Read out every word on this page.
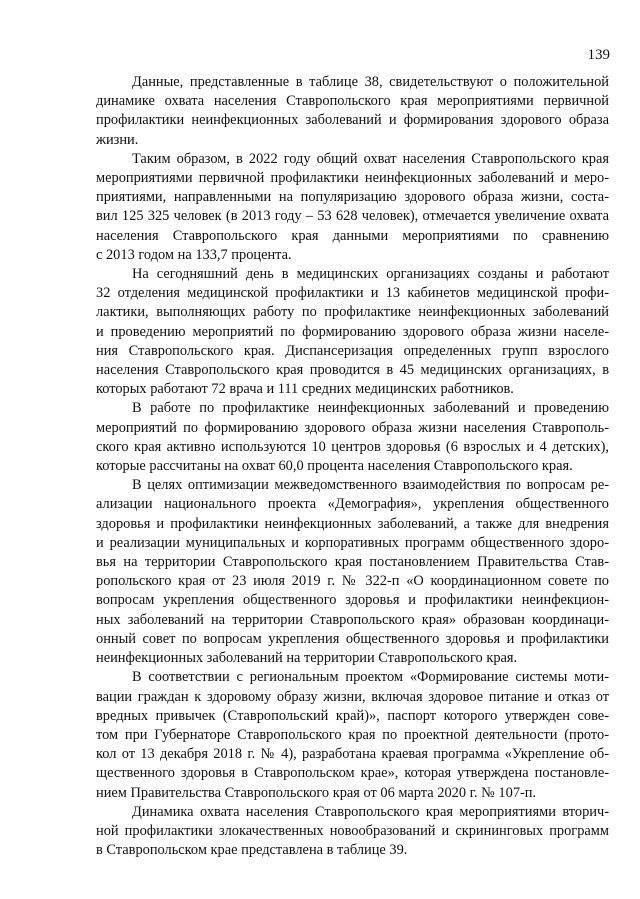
139

Данные, представленные в таблице 38, свидетельствуют о положительной
динамике охвата населения Ставропольского края мероприятиями первичной
профилактики неинфекционных заболеваний и формирования здорового образа
жизни.

Таким образом, в 2022 году общий охват населения Ставропольского края
мероприятиями первичной профилактики неинфекционных заболеваний и меро-
приятиями, направленными на популяризацию здорового образа жизни, соста-
вил 125 325 человек (в 2013 году – 53 628 человек), отмечается увеличение охвата
населения Ставропольского края данными мероприятиями по сравнению
с 2013 годом на 133,7 процента.

На сегодняшний день в медицинских организациях созданы и работают
32 отделения медицинской профилактики и 13 кабинетов медицинской профи-
лактики, выполняющих работу по профилактике неинфекционных заболеваний
и проведению мероприятий по формированию здорового образа жизни населе-
ния Ставропольского края. Диспансеризация определенных групп взрослого
населения Ставропольского края проводится в 45 медицинских организациях, в
которых работают 72 врача и 111 средних медицинских работников.

В работе по профилактике неинфекционных заболеваний и проведению
мероприятий по формированию здорового образа жизни населения Ставрополь-
ского края активно используются 10 центров здоровья (6 взрослых и 4 детских),
которые рассчитаны на охват 60,0 процента населения Ставропольского края.

В целях оптимизации межведомственного взаимодействия по вопросам ре-
ализации национального проекта «Демография», укрепления общественного
здоровья и профилактики неинфекционных заболеваний, а также для внедрения
и реализации муниципальных и корпоративных программ общественного здоро-
вья на территории Ставропольского края постановлением Правительства Став-
ропольского края от 23 июля 2019 г. № 322-п «О координационном совете по
вопросам укрепления общественного здоровья и профилактики неинфекцион-
ных заболеваний на территории Ставропольского края» образован координаци-
онный совет по вопросам укрепления общественного здоровья и профилактики
неинфекционных заболеваний на территории Ставропольского края.

В соответствии с региональным проектом «Формирование системы моти-
вации граждан к здоровому образу жизни, включая здоровое питание и отказ от
вредных привычек (Ставропольский край)», паспорт которого утвержден сове-
том при Губернаторе Ставропольского края по проектной деятельности (прото-
кол от 13 декабря 2018 г. № 4), разработана краевая программа «Укрепление об-
щественного здоровья в Ставропольском крае», которая утверждена постановле-
нием Правительства Ставропольского края от 06 марта 2020 г. № 107-п.

Динамика охвата населения Ставропольского края мероприятиями вторич-
ной профилактики злокачественных новообразований и скрининговых программ
в Ставропольском крае представлена в таблице 39.
